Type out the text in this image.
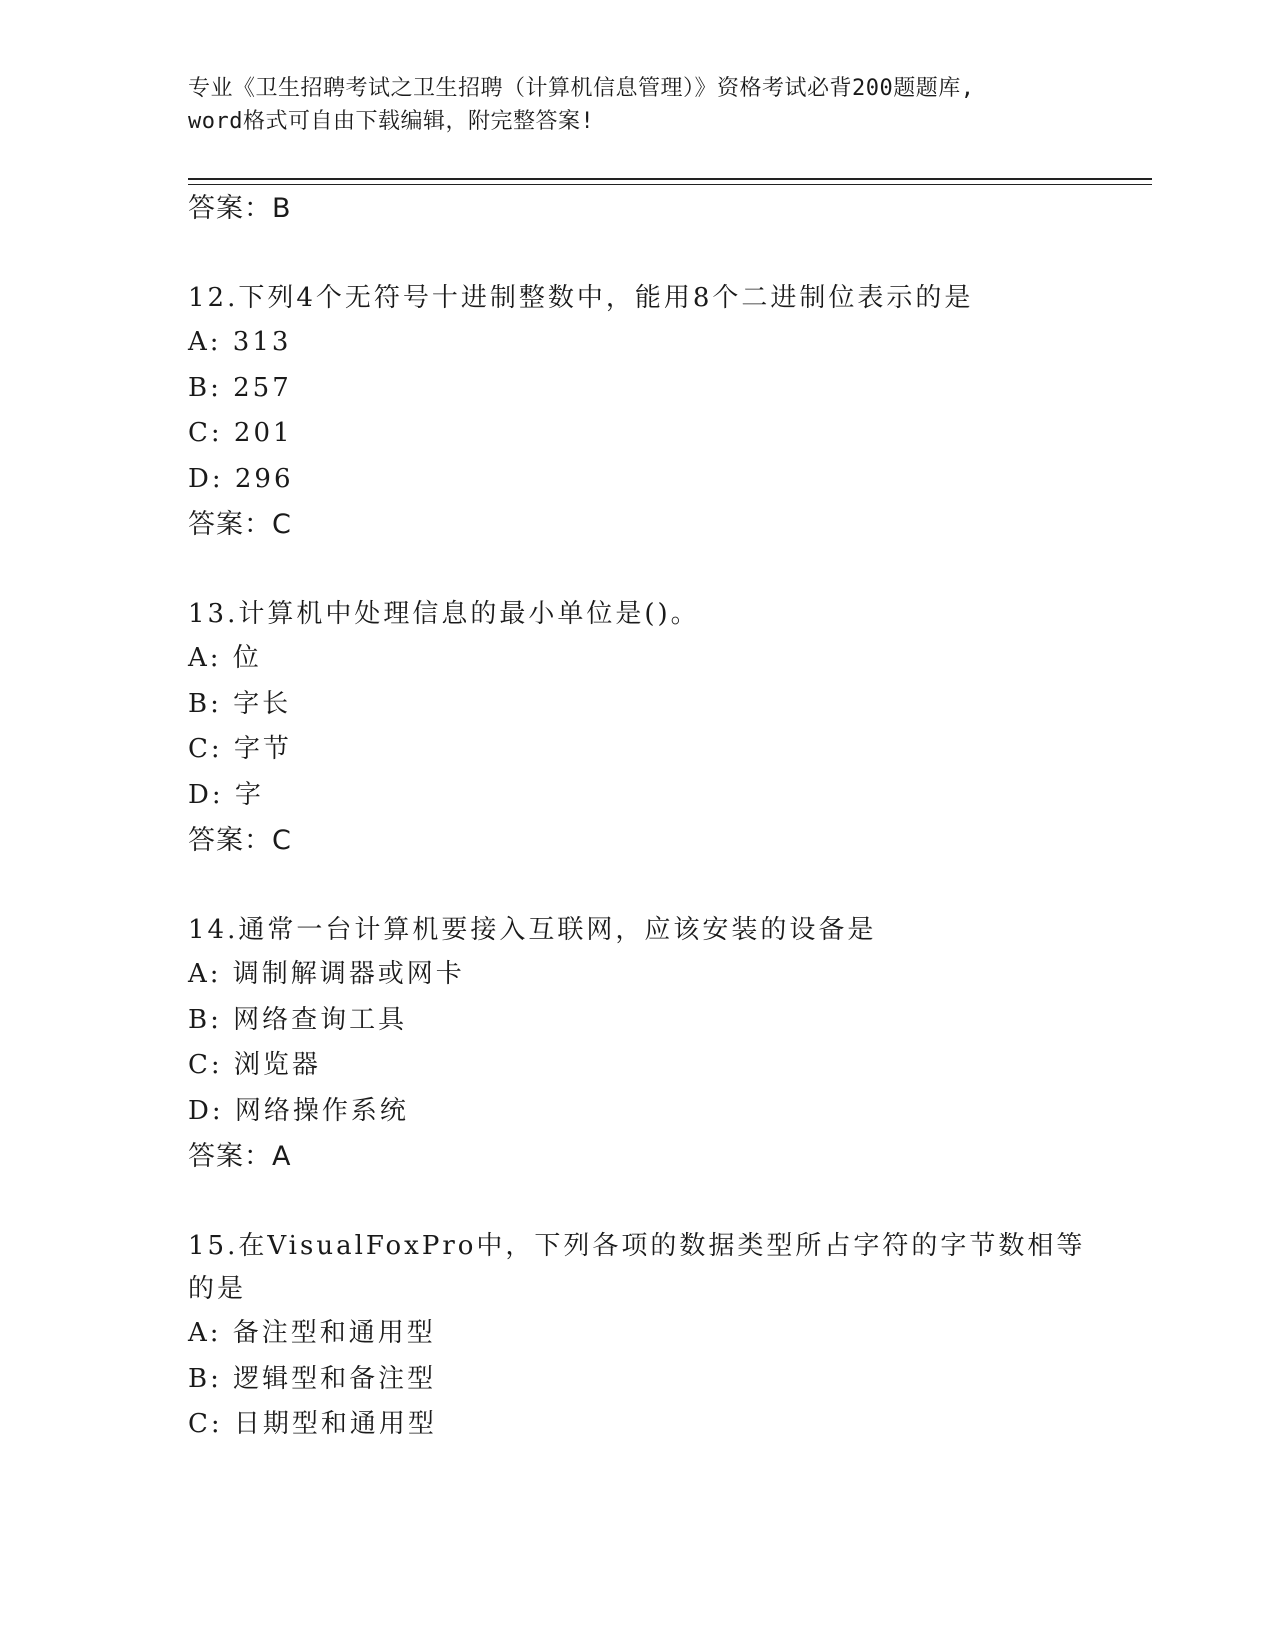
专业《卫生招聘考试之卫生招聘（计算机信息管理）》资格考试必背200题题库,

word格式可自由下载编辑，附完整答案!

答案：B

12.下列4个无符号十进制整数中，能用8个二进制位表示的是

A: 313

B: 257

C: 201

D: 296

答案：C

13.计算机中处理信息的最小单位是()。

A: 位

B: 字长

C: 字节

D: 字

答案：C

14.通常一台计算机要接入互联网，应该安装的设备是

A: 调制解调器或网卡

B: 网络查询工具

C: 浏览器

D: 网络操作系统

答案：A

15.在VisualFoxPro中，下列各项的数据类型所占字符的字节数相等

的是

A: 备注型和通用型

B: 逻辑型和备注型

C: 日期型和通用型
